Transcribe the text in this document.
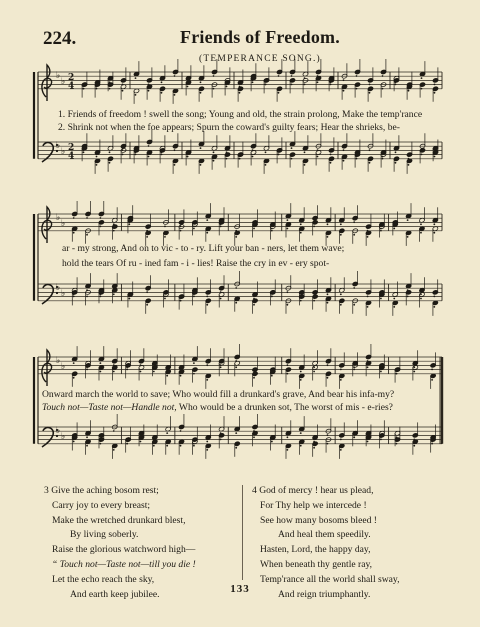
224.	Friends of Freedom.
(TEMPERANCE SONG.)
♭
♭
♭
♭
2
4
2
4
1. Friends of freedom ! swell the song; Young and old, the strain prolong, Make the temp'rance
2. Shrink not when the foe appears; Spurn the coward's guilty fears; Hear the shrieks, be-
♭
♭
♭
♭
ar - my strong, And on to vic - to - ry. Lift your ban - ners, let them wave;
hold the tears Of ru - ined fam - i - lies! Raise the cry in ev - ery spot-
♭
♭
♭
♭
Onward march the world to save; Who would fill a drunkard's grave, And bear his infa-my?
Touch not—Taste not—Handle not, Who would be a drunken sot, The worst of mis - e-ries?
3 Give the aching bosom rest;
Carry joy to every breast;
Make the wretched drunkard blest,
By living soberly.
Raise the glorious watchword high—
“ Touch not—Taste not—till you die !
Let the echo reach the sky,
And earth keep jubilee.
4 God of mercy ! hear us plead,
For Thy help we intercede !
See how many bosoms bleed !
And heal them speedily.
Hasten, Lord, the happy day,
When beneath thy gentle ray,
Temp'rance all the world shall sway,
And reign triumphantly.
133
